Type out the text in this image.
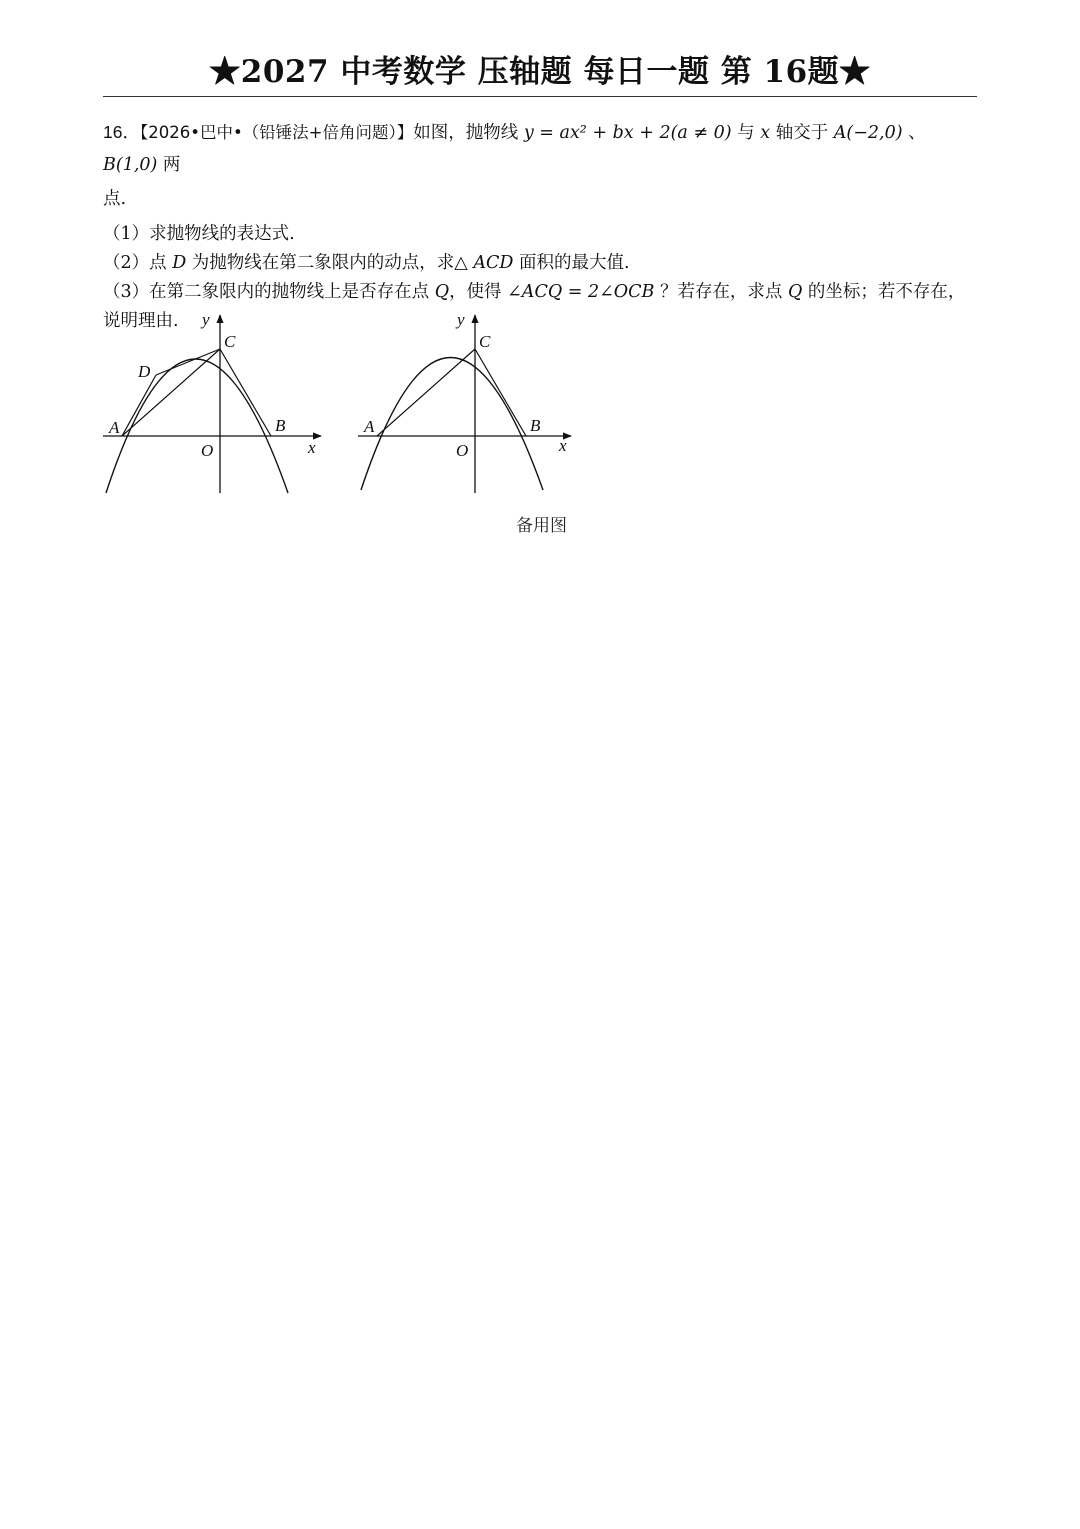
★2027 中考数学 压轴题 每日一题 第 16题★

16．【2026•巴中•（铅锤法+倍角问题）】如图，抛物线 y = ax² + bx + 2(a ≠ 0) 与 x 轴交于 A(−2,0) 、 B(1,0) 两

点.

（1）求抛物线的表达式.

（2）点 D 为抛物线在第二象限内的动点，求△ ACD 面积的最大值.

（3）在第二象限内的抛物线上是否存在点 Q，使得 ∠ACQ = 2∠OCB ？若存在，求点 Q 的坐标；若不存在，

说明理由.	y
x
O
A	B
C
D
y
x
O
A	B
C
备用图
